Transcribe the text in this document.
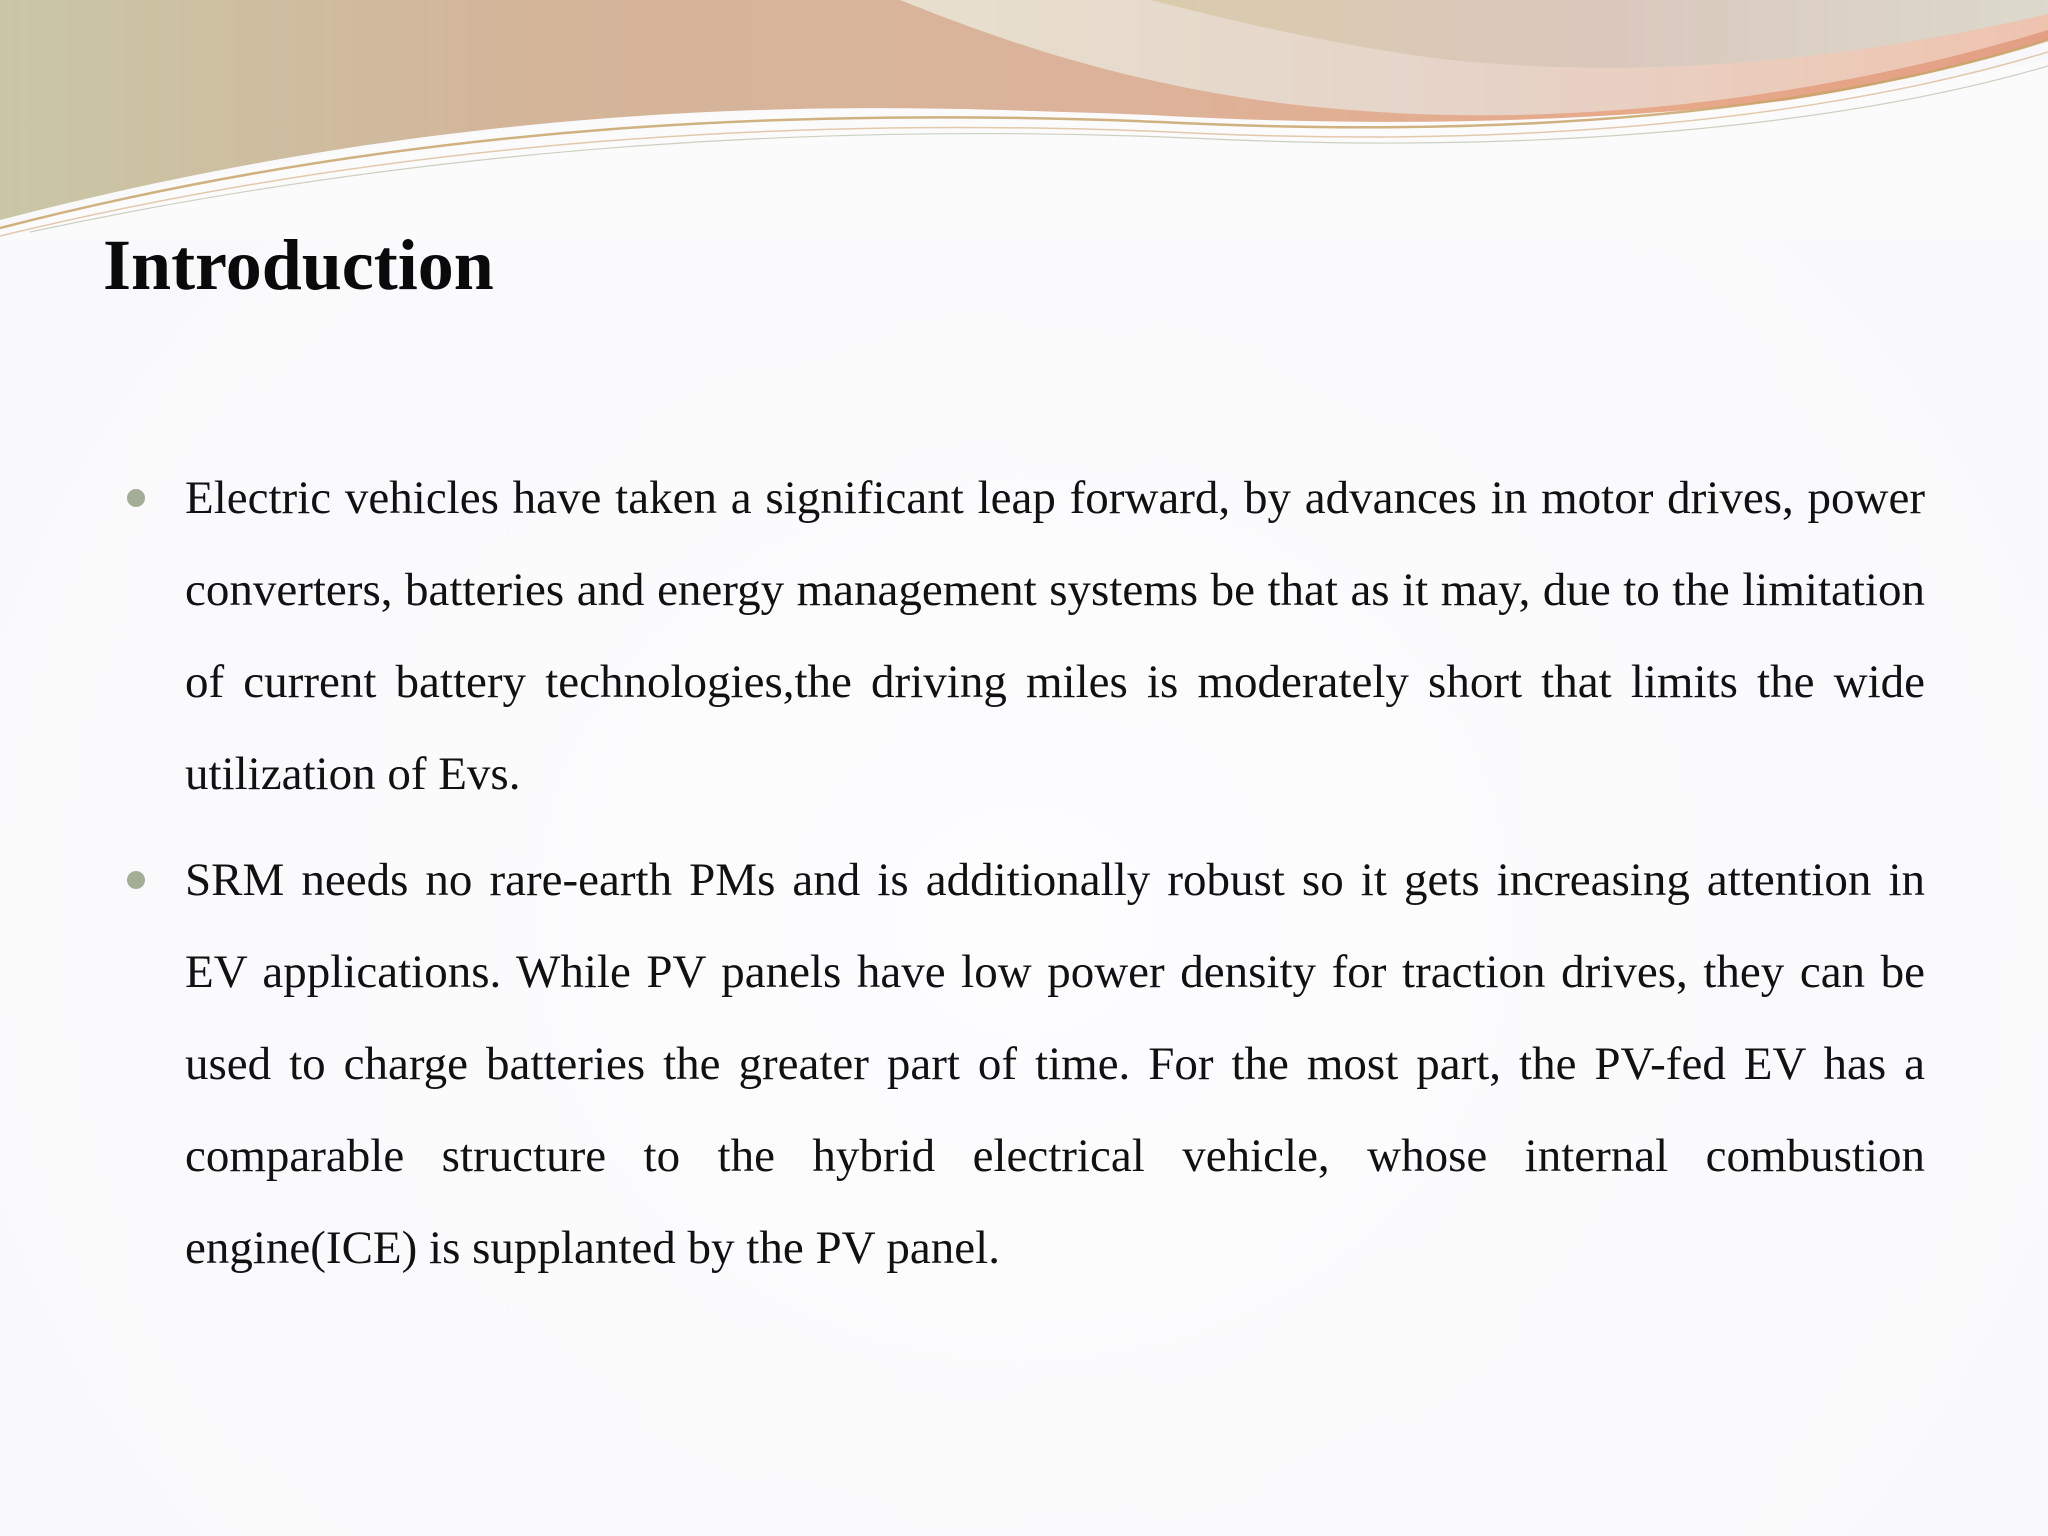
Introduction
Electric vehicles have taken a significant leap forward, by advances in motor drives, power converters, batteries and energy management systems be that as it may, due to the limitation of current battery technologies,the driving miles is moderately short that limits the wide utilization of Evs.
SRM needs no rare-earth PMs and is additionally robust so it gets increasing attention in EV applications. While PV panels have low power density for traction drives, they can be used to charge batteries the greater part of time. For the most part, the PV-fed EV has a comparable structure to the hybrid electrical vehicle, whose internal combustion engine(ICE) is supplanted by the PV panel.
